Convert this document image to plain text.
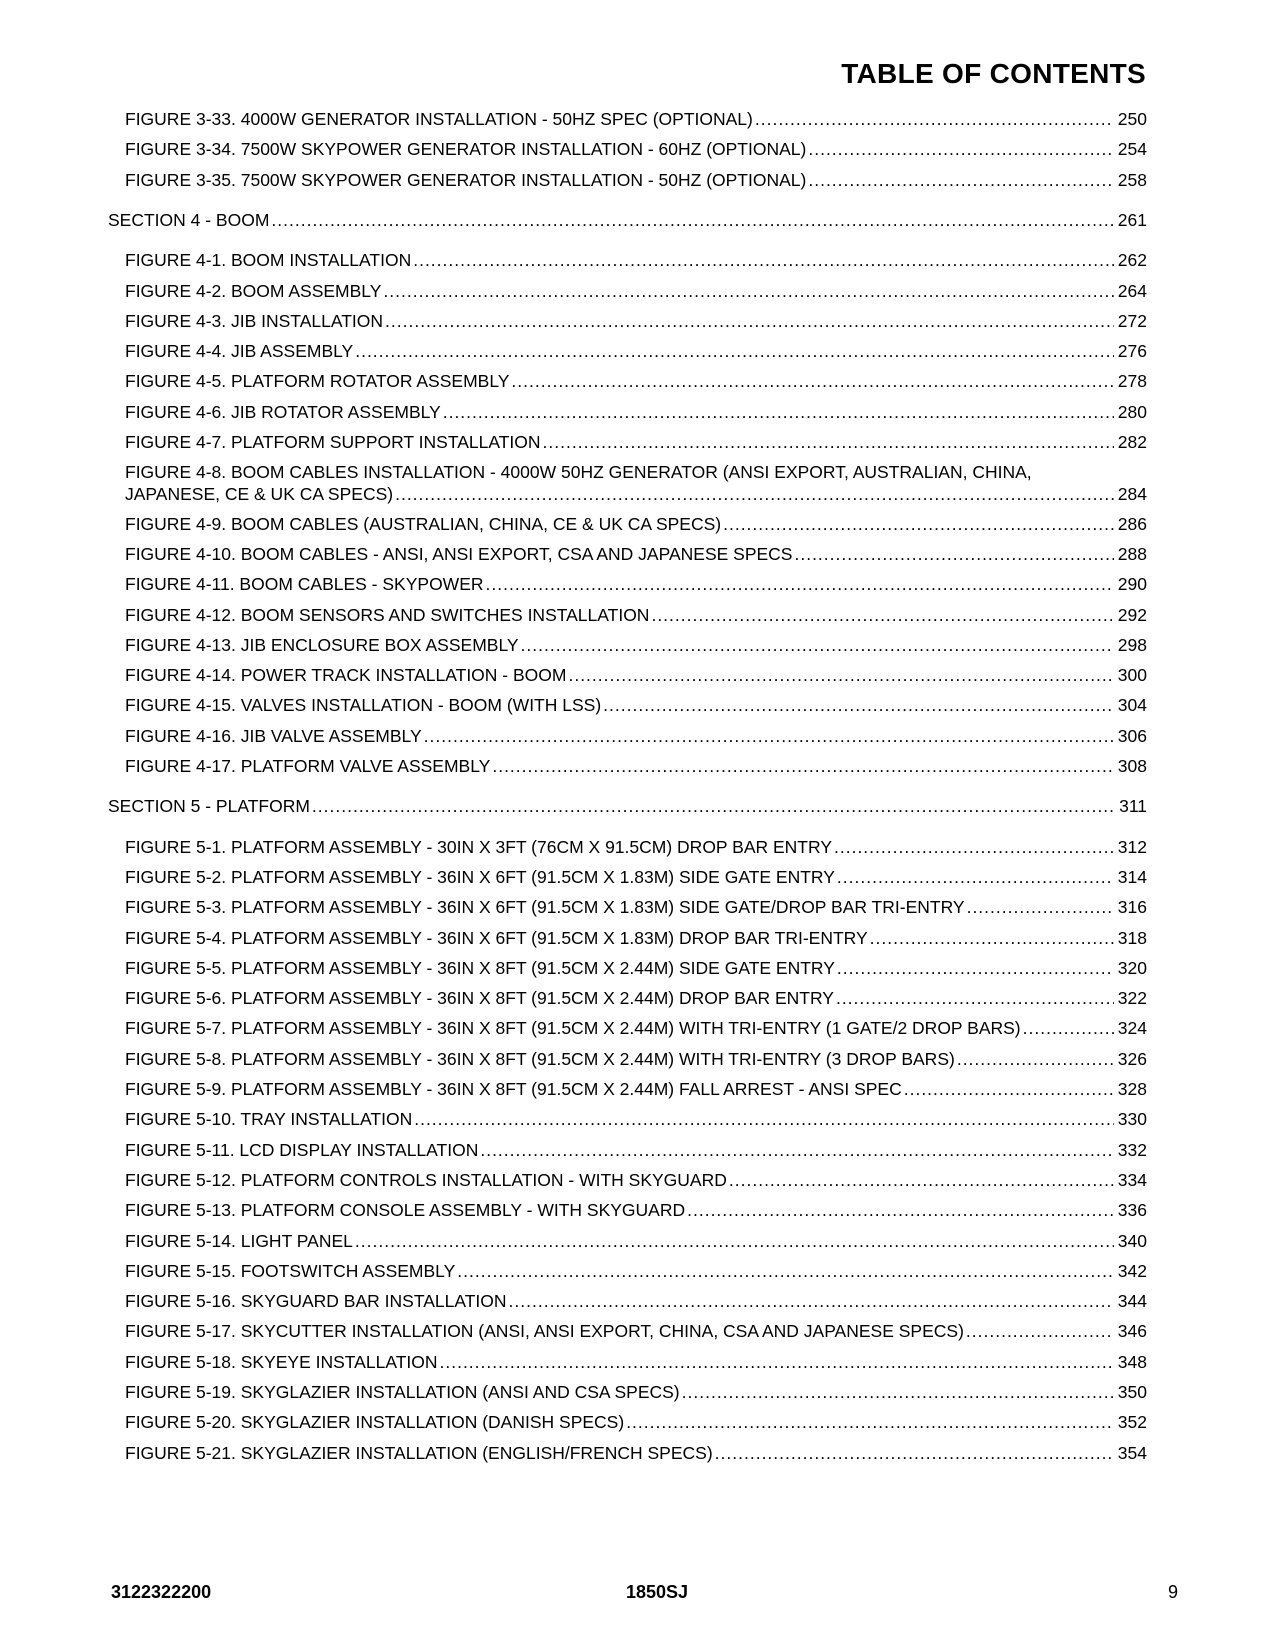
TABLE OF CONTENTS
FIGURE 3-33. 4000W GENERATOR INSTALLATION - 50HZ SPEC (OPTIONAL) .....	250
FIGURE 3-34. 7500W SKYPOWER GENERATOR INSTALLATION - 60HZ (OPTIONAL) .....	254
FIGURE 3-35. 7500W SKYPOWER GENERATOR INSTALLATION - 50HZ (OPTIONAL) .....	258
SECTION 4 - BOOM .....	261
FIGURE 4-1. BOOM INSTALLATION .....	262
FIGURE 4-2. BOOM ASSEMBLY .....	264
FIGURE 4-3. JIB INSTALLATION .....	272
FIGURE 4-4. JIB ASSEMBLY .....	276
FIGURE 4-5. PLATFORM ROTATOR ASSEMBLY .....	278
FIGURE 4-6. JIB ROTATOR ASSEMBLY .....	280
FIGURE 4-7. PLATFORM SUPPORT INSTALLATION .....	282
FIGURE 4-8. BOOM CABLES INSTALLATION - 4000W 50HZ GENERATOR (ANSI EXPORT, AUSTRALIAN, CHINA,
JAPANESE, CE & UK CA SPECS) .....	284
FIGURE 4-9. BOOM CABLES (AUSTRALIAN, CHINA, CE & UK CA SPECS) .....	286
FIGURE 4-10. BOOM CABLES - ANSI, ANSI EXPORT, CSA AND JAPANESE SPECS .....	288
FIGURE 4-11. BOOM CABLES - SKYPOWER .....	290
FIGURE 4-12. BOOM SENSORS AND SWITCHES INSTALLATION .....	292
FIGURE 4-13. JIB ENCLOSURE BOX ASSEMBLY .....	298
FIGURE 4-14. POWER TRACK INSTALLATION - BOOM .....	300
FIGURE 4-15. VALVES INSTALLATION - BOOM (WITH LSS) .....	304
FIGURE 4-16. JIB VALVE ASSEMBLY .....	306
FIGURE 4-17. PLATFORM VALVE ASSEMBLY .....	308
SECTION 5 - PLATFORM .....	311
FIGURE 5-1. PLATFORM ASSEMBLY - 30IN X 3FT (76CM X 91.5CM) DROP BAR ENTRY .....	312
FIGURE 5-2. PLATFORM ASSEMBLY - 36IN X 6FT (91.5CM X 1.83M) SIDE GATE ENTRY .....	314
FIGURE 5-3. PLATFORM ASSEMBLY - 36IN X 6FT (91.5CM X 1.83M) SIDE GATE/DROP BAR TRI-ENTRY .....	316
FIGURE 5-4. PLATFORM ASSEMBLY - 36IN X 6FT (91.5CM X 1.83M) DROP BAR TRI-ENTRY .....	318
FIGURE 5-5. PLATFORM ASSEMBLY - 36IN X 8FT (91.5CM X 2.44M) SIDE GATE ENTRY .....	320
FIGURE 5-6. PLATFORM ASSEMBLY - 36IN X 8FT (91.5CM X 2.44M) DROP BAR ENTRY .....	322
FIGURE 5-7. PLATFORM ASSEMBLY - 36IN X 8FT (91.5CM X 2.44M) WITH TRI-ENTRY (1 GATE/2 DROP BARS) .....	324
FIGURE 5-8. PLATFORM ASSEMBLY - 36IN X 8FT (91.5CM X 2.44M) WITH TRI-ENTRY (3 DROP BARS) .....	326
FIGURE 5-9. PLATFORM ASSEMBLY - 36IN X 8FT (91.5CM X 2.44M) FALL ARREST - ANSI SPEC .....	328
FIGURE 5-10. TRAY INSTALLATION .....	330
FIGURE 5-11. LCD DISPLAY INSTALLATION .....	332
FIGURE 5-12. PLATFORM CONTROLS INSTALLATION - WITH SKYGUARD .....	334
FIGURE 5-13. PLATFORM CONSOLE ASSEMBLY - WITH SKYGUARD .....	336
FIGURE 5-14. LIGHT PANEL .....	340
FIGURE 5-15. FOOTSWITCH ASSEMBLY .....	342
FIGURE 5-16. SKYGUARD BAR INSTALLATION .....	344
FIGURE 5-17. SKYCUTTER INSTALLATION (ANSI, ANSI EXPORT, CHINA, CSA AND JAPANESE SPECS) .....	346
FIGURE 5-18. SKYEYE INSTALLATION .....	348
FIGURE 5-19. SKYGLAZIER INSTALLATION (ANSI AND CSA SPECS) .....	350
FIGURE 5-20. SKYGLAZIER INSTALLATION (DANISH SPECS) .....	352
FIGURE 5-21. SKYGLAZIER INSTALLATION (ENGLISH/FRENCH SPECS) .....	354
3122322200	1850SJ	9
